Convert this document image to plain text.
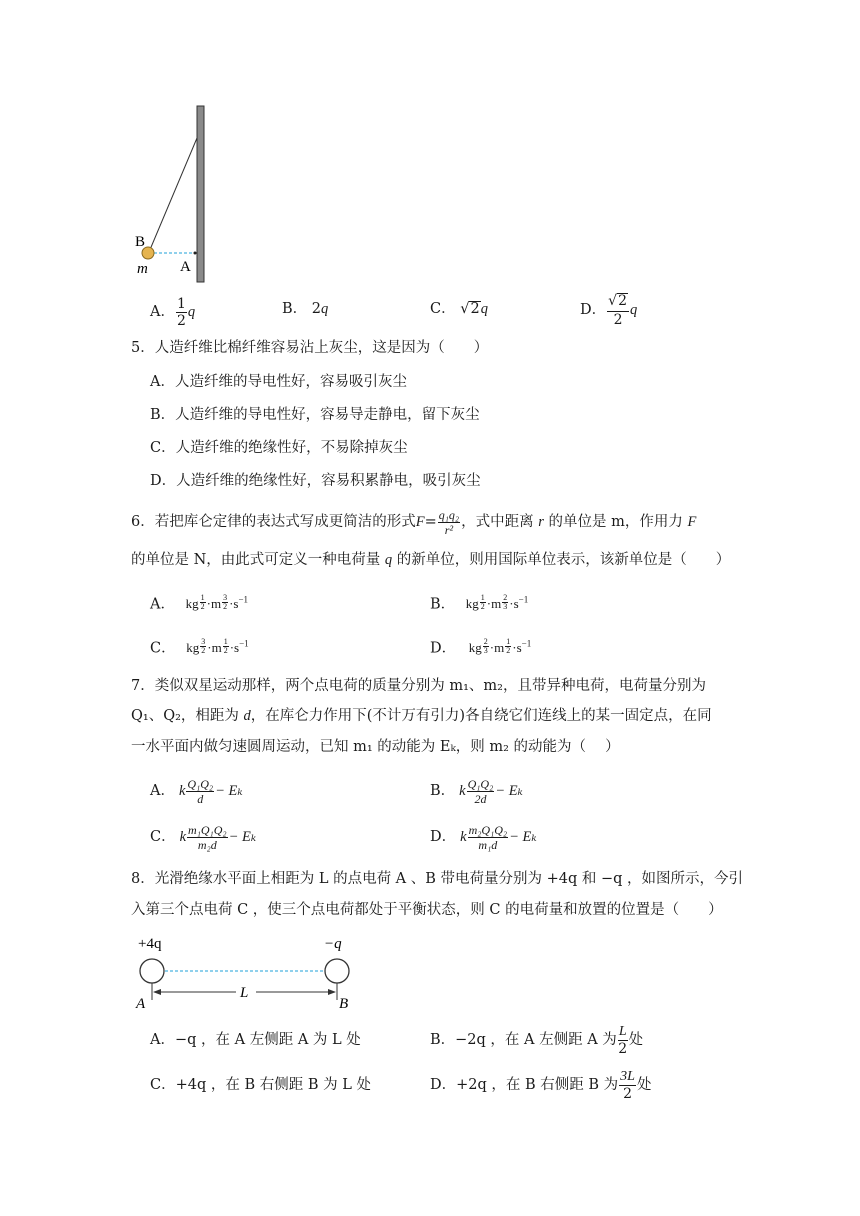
B
m A
A． $\frac{1}{2}$ q	B． 2q	C． √2q	D． $\frac{√2}{2}$ q
5．人造纤维比棉纤维容易沾上灰尘，这是因为（　　）
A．人造纤维的导电性好，容易吸引灰尘
B．人造纤维的导电性好，容易导走静电，留下灰尘
C．人造纤维的绝缘性好，不易除掉灰尘
D．人造纤维的绝缘性好，容易积累静电，吸引灰尘
6．若把库仑定律的表达式写成更简洁的形式 $F = \frac{\text{q₁q₂}}{\text{r²}}$ ，式中距离
r
的单位是 m，作用力
F
的单位是 N，由此式可定义一种电荷量 q 的新单位，则用国际单位表示，该新单位是（　　）
A． kg $\frac{1}{2} \cdot m \frac{3}{2} \cdot s^{-1}$	B． kg $\frac{1}{2} \cdot m \frac{2}{3} \cdot s^{-1}$
C． kg $\frac{3}{2} \cdot m \frac{1}{2} \cdot s^{-1}$	D． kg $\frac{2}{3} \cdot m \frac{1}{2} \cdot s^{-1}$
7．类似双星运动那样，两个点电荷的质量分别为 m₁、m₂，且带异种电荷，电荷量分别为
Q₁、Q₂，相距为 d，在库仑力作用下(不计万有引力)各自绕它们连线上的某一固定点，在同
一水平面内做匀速圆周运动，已知 m₁ 的动能为 Eₖ，则 m₂ 的动能为（　 ）
A． k $\frac{\text{Q₁Q₂}}{d} - E_k$	B． k $\frac{\text{Q₁Q₂}}{2d} - E_k$
C． k $\frac{\text{m₁Q₁Q₂}}{\text{m₂d}} - E_k$	D． k $\frac{\text{m₂Q₁Q₂}}{\text{m₁d}} - E_k$
8．光滑绝缘水平面上相距为 L 的点电荷 A 、B 带电荷量分别为 +4q 和 −q ，如图所示，今引
入第三个点电荷 C ，使三个点电荷都处于平衡状态，则 C 的电荷量和放置的位置是（　　）
+4q	−q
L
A	B
A．−q ，在 A 左侧距 A 为 L 处	B． −2q ，在 A 左侧距 A 为 $\frac{L}{2}$ 处
C．+4q ，在 B 右侧距 B 为 L 处	D． +2q ，在 B 右侧距 B 为 $\frac{3L}{2}$ 处
